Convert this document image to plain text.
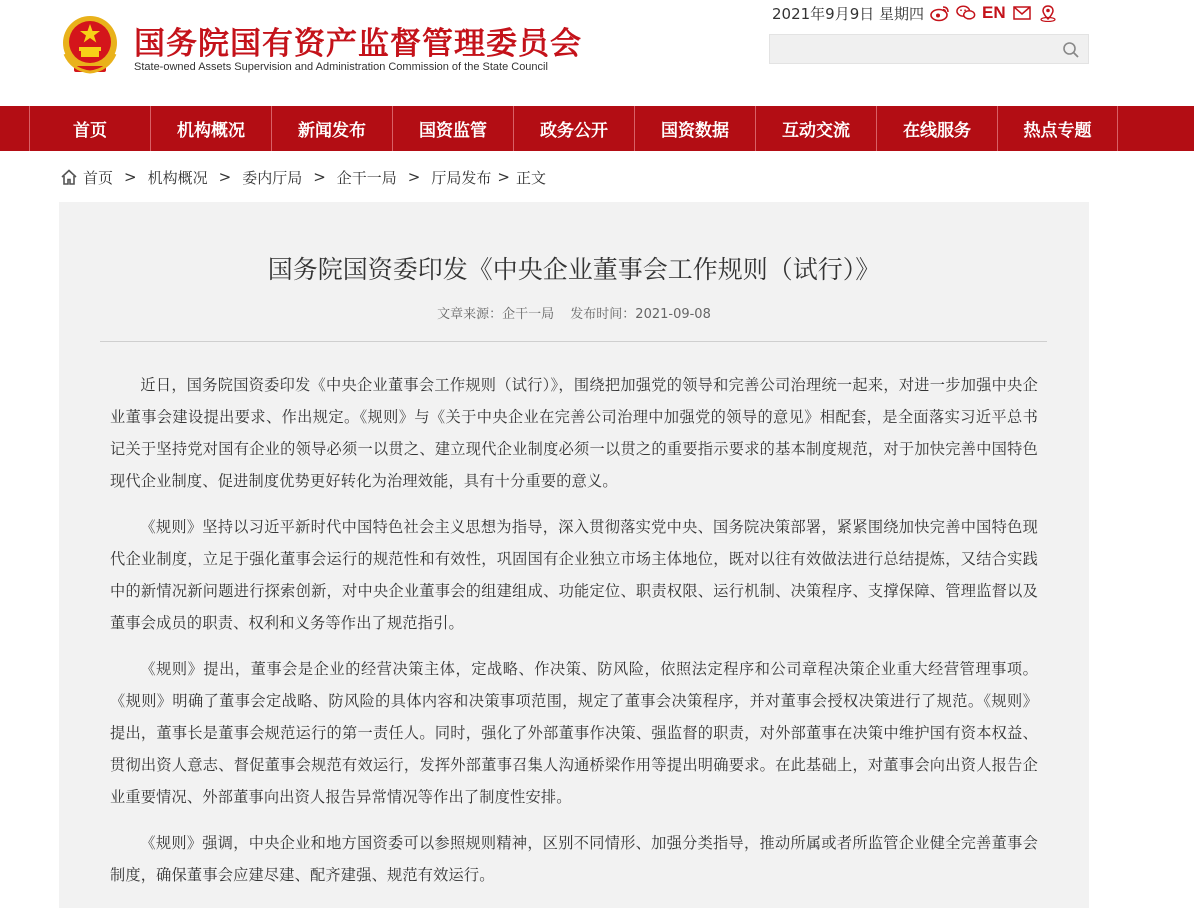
国务院国有资产监督管理委员会
State-owned Assets Supervision and Administration Commission of the State Council
2021年9月9日 星期四	EN
首页	机构概况	新闻发布	国资监管	政务公开	国资数据	互动交流	在线服务	热点专题
首页 > 机构概况 > 委内厅局 > 企干一局 > 厅局发布 > 正文
国务院国资委印发《中央企业董事会工作规则（试行）》
文章来源：企干一局 发布时间：2021-09-08

近日，国务院国资委印发《中央企业董事会工作规则（试行）》，围绕把加强党的领导和完善公司治理统一起来，对进一步加强中央企业董事会建设提出要求、作出规定。《规则》与《关于中央企业在完善公司治理中加强党的领导的意见》相配套，是全面落实习近平总书记关于坚持党对国有企业的领导必须一以贯之、建立现代企业制度必须一以贯之的重要指示要求的基本制度规范，对于加快完善中国特色现代企业制度、促进制度优势更好转化为治理效能，具有十分重要的意义。

《规则》坚持以习近平新时代中国特色社会主义思想为指导，深入贯彻落实党中央、国务院决策部署，紧紧围绕加快完善中国特色现代企业制度，立足于强化董事会运行的规范性和有效性，巩固国有企业独立市场主体地位，既对以往有效做法进行总结提炼，又结合实践中的新情况新问题进行探索创新，对中央企业董事会的组建组成、功能定位、职责权限、运行机制、决策程序、支撑保障、管理监督以及董事会成员的职责、权利和义务等作出了规范指引。

《规则》提出，董事会是企业的经营决策主体，定战略、作决策、防风险，依照法定程序和公司章程决策企业重大经营管理事项。《规则》明确了董事会定战略、防风险的具体内容和决策事项范围，规定了董事会决策程序，并对董事会授权决策进行了规范。《规则》提出，董事长是董事会规范运行的第一责任人。同时，强化了外部董事作决策、强监督的职责，对外部董事在决策中维护国有资本权益、贯彻出资人意志、督促董事会规范有效运行，发挥外部董事召集人沟通桥梁作用等提出明确要求。在此基础上，对董事会向出资人报告企业重要情况、外部董事向出资人报告异常情况等作出了制度性安排。

《规则》强调，中央企业和地方国资委可以参照规则精神，区别不同情形、加强分类指导，推动所属或者所监管企业健全完善董事会制度，确保董事会应建尽建、配齐建强、规范有效运行。
